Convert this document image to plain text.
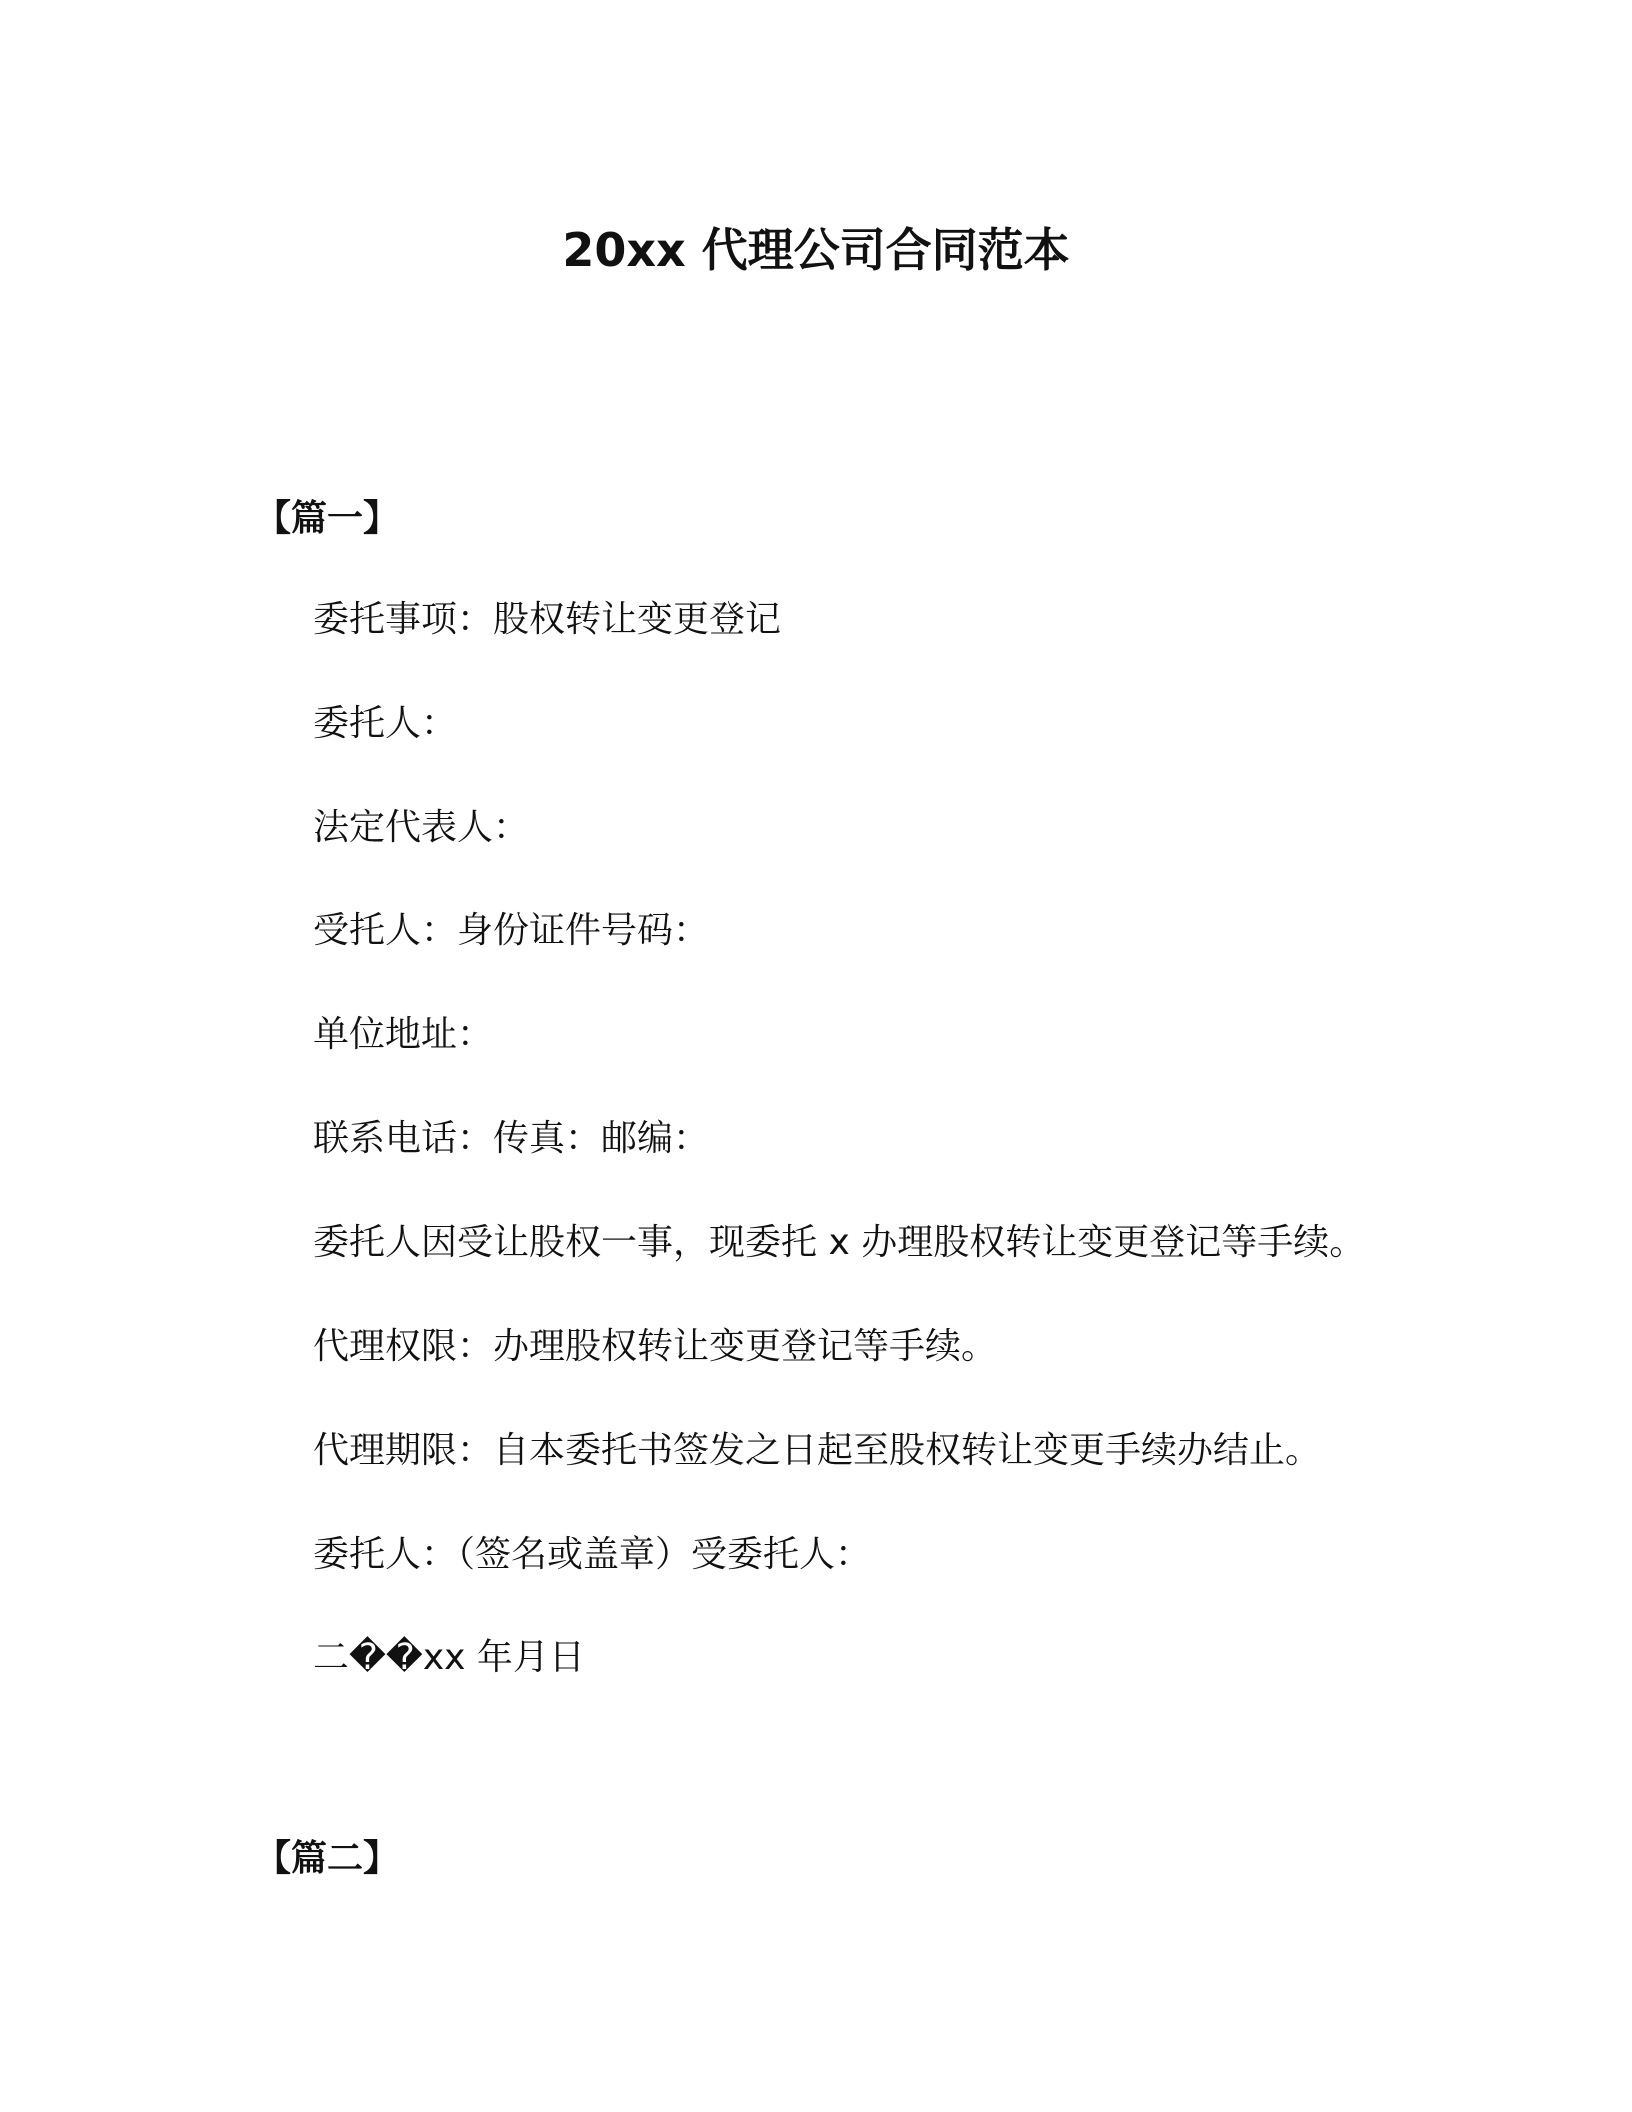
20xx 代理公司合同范本
【篇一】
委托事项：股权转让变更登记
委托人：
法定代表人：
受托人：身份证件号码：
单位地址：
联系电话：传真：邮编：
委托人因受让股权一事，现委托 x 办理股权转让变更登记等手续。
代理权限：办理股权转让变更登记等手续。
代理期限：自本委托书签发之日起至股权转让变更手续办结止。
委托人：（签名或盖章）受委托人：
二��xx 年月日
【篇二】
